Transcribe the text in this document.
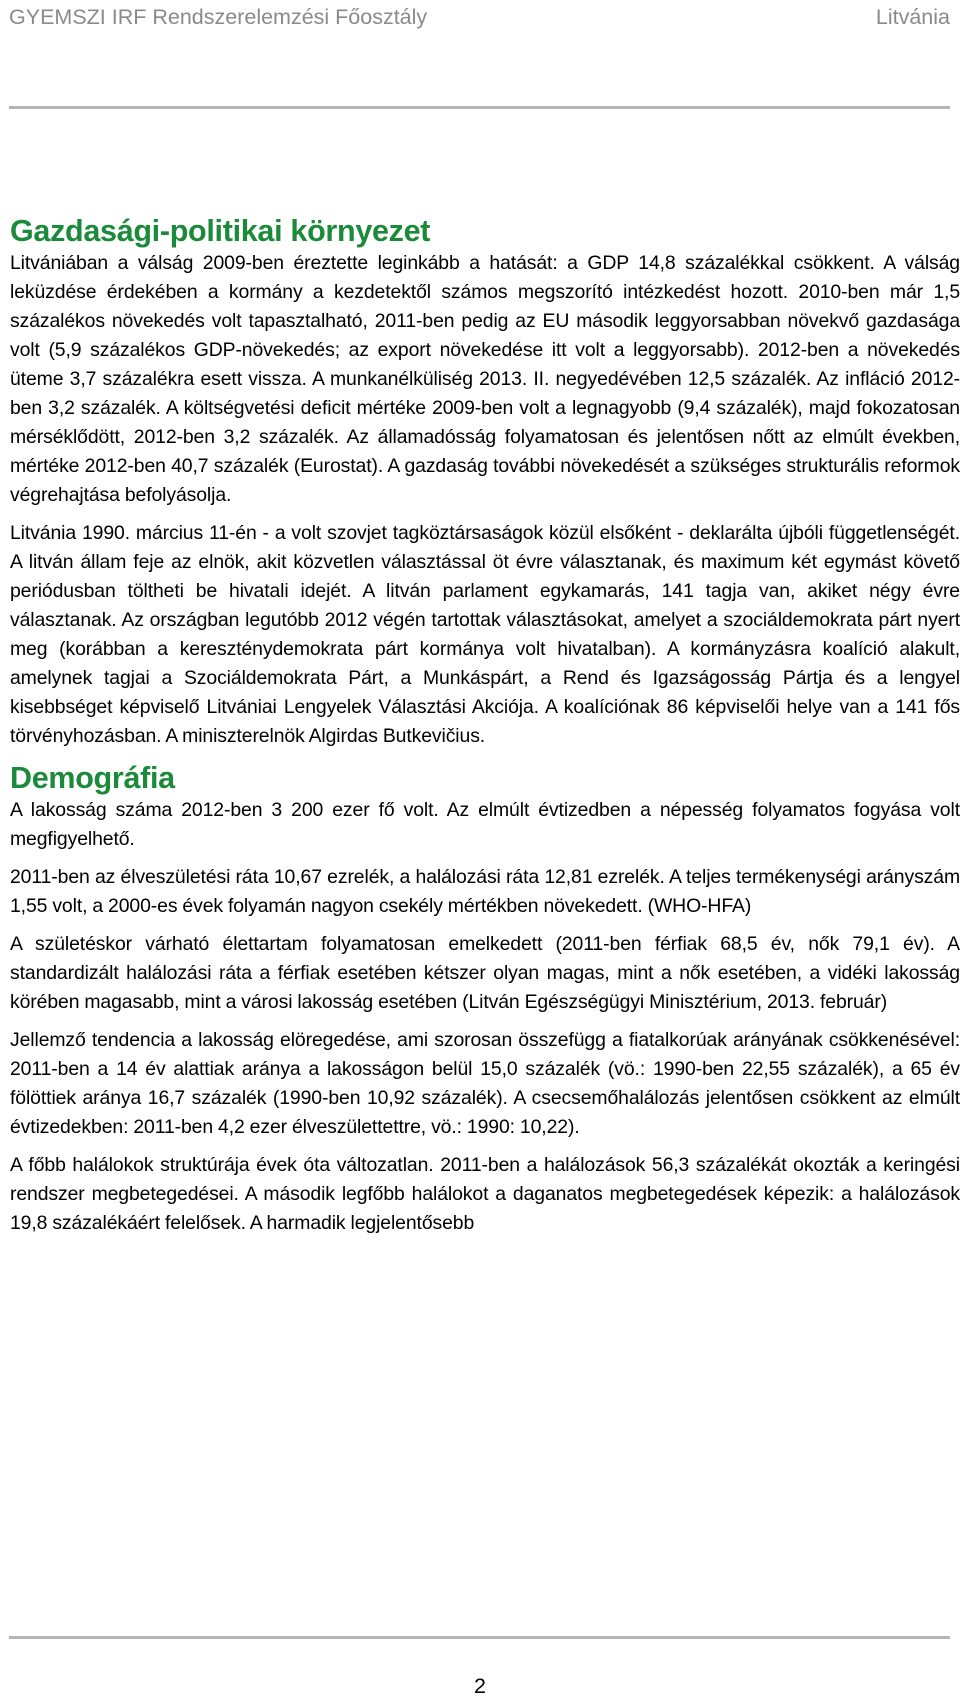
GYEMSZI IRF Rendszerelemzési Főosztály	Litvánia
Gazdasági-politikai környezet

Litvániában a válság 2009-ben éreztette leginkább a hatását: a GDP 14,8 százalékkal csökkent. A válság leküzdése érdekében a kormány a kezdetektől számos megszorító intézkedést hozott. 2010-ben már 1,5 százalékos növekedés volt tapasztalható, 2011-ben pedig az EU második leggyorsabban növekvő gazdasága volt (5,9 százalékos GDP-növekedés; az export növekedése itt volt a leggyorsabb). 2012-ben a növekedés üteme 3,7 százalékra esett vissza. A munkanélküliség 2013. II. negyedévében 12,5 százalék. Az infláció 2012-ben 3,2 százalék. A költségvetési deficit mértéke 2009-ben volt a legnagyobb (9,4 százalék), majd fokozatosan mérséklődött, 2012-ben 3,2 százalék. Az államadósság folyamatosan és jelentősen nőtt az elmúlt években, mértéke 2012-ben 40,7 százalék (Eurostat). A gazdaság további növekedését a szükséges strukturális reformok végrehajtása befolyásolja.

Litvánia 1990. március 11-én - a volt szovjet tagköztársaságok közül elsőként - deklarálta újbóli függetlenségét. A litván állam feje az elnök, akit közvetlen választással öt évre választanak, és maximum két egymást követő periódusban töltheti be hivatali idejét. A litván parlament egykamarás, 141 tagja van, akiket négy évre választanak. Az országban legutóbb 2012 végén tartottak választásokat, amelyet a szociáldemokrata párt nyert meg (korábban a kereszténydemokrata párt kormánya volt hivatalban). A kormányzásra koalíció alakult, amelynek tagjai a Szociáldemokrata Párt, a Munkáspárt, a Rend és Igazságosság Pártja és a lengyel kisebbséget képviselő Litvániai Lengyelek Választási Akciója. A koalíciónak 86 képviselői helye van a 141 fős törvényhozásban. A miniszterelnök Algirdas Butkevičius.

Demográfia

A lakosság száma 2012-ben 3 200 ezer fő volt. Az elmúlt évtizedben a népesség folyamatos fogyása volt megfigyelhető.

2011-ben az élveszületési ráta 10,67 ezrelék, a halálozási ráta 12,81 ezrelék. A teljes termékenységi arányszám 1,55 volt, a 2000-es évek folyamán nagyon csekély mértékben növekedett. (WHO-HFA)

A születéskor várható élettartam folyamatosan emelkedett (2011-ben férfiak 68,5 év, nők 79,1 év). A standardizált halálozási ráta a férfiak esetében kétszer olyan magas, mint a nők esetében, a vidéki lakosság körében magasabb, mint a városi lakosság esetében (Litván Egészségügyi Minisztérium, 2013. február)

Jellemző tendencia a lakosság elöregedése, ami szorosan összefügg a fiatalkorúak arányának csökkenésével: 2011-ben a 14 év alattiak aránya a lakosságon belül 15,0 százalék (vö.: 1990-ben 22,55 százalék), a 65 év fölöttiek aránya 16,7 százalék (1990-ben 10,92 százalék). A csecsemőhalálozás jelentősen csökkent az elmúlt évtizedekben: 2011-ben 4,2 ezer élveszülettettre, vö.: 1990: 10,22).

A főbb halálokok struktúrája évek óta változatlan. 2011-ben a halálozások 56,3 százalékát okozták a keringési rendszer megbetegedései. A második legfőbb halálokot a daganatos megbetegedések képezik: a halálozások 19,8 százalékáért felelősek. A harmadik legjelentősebb

2
